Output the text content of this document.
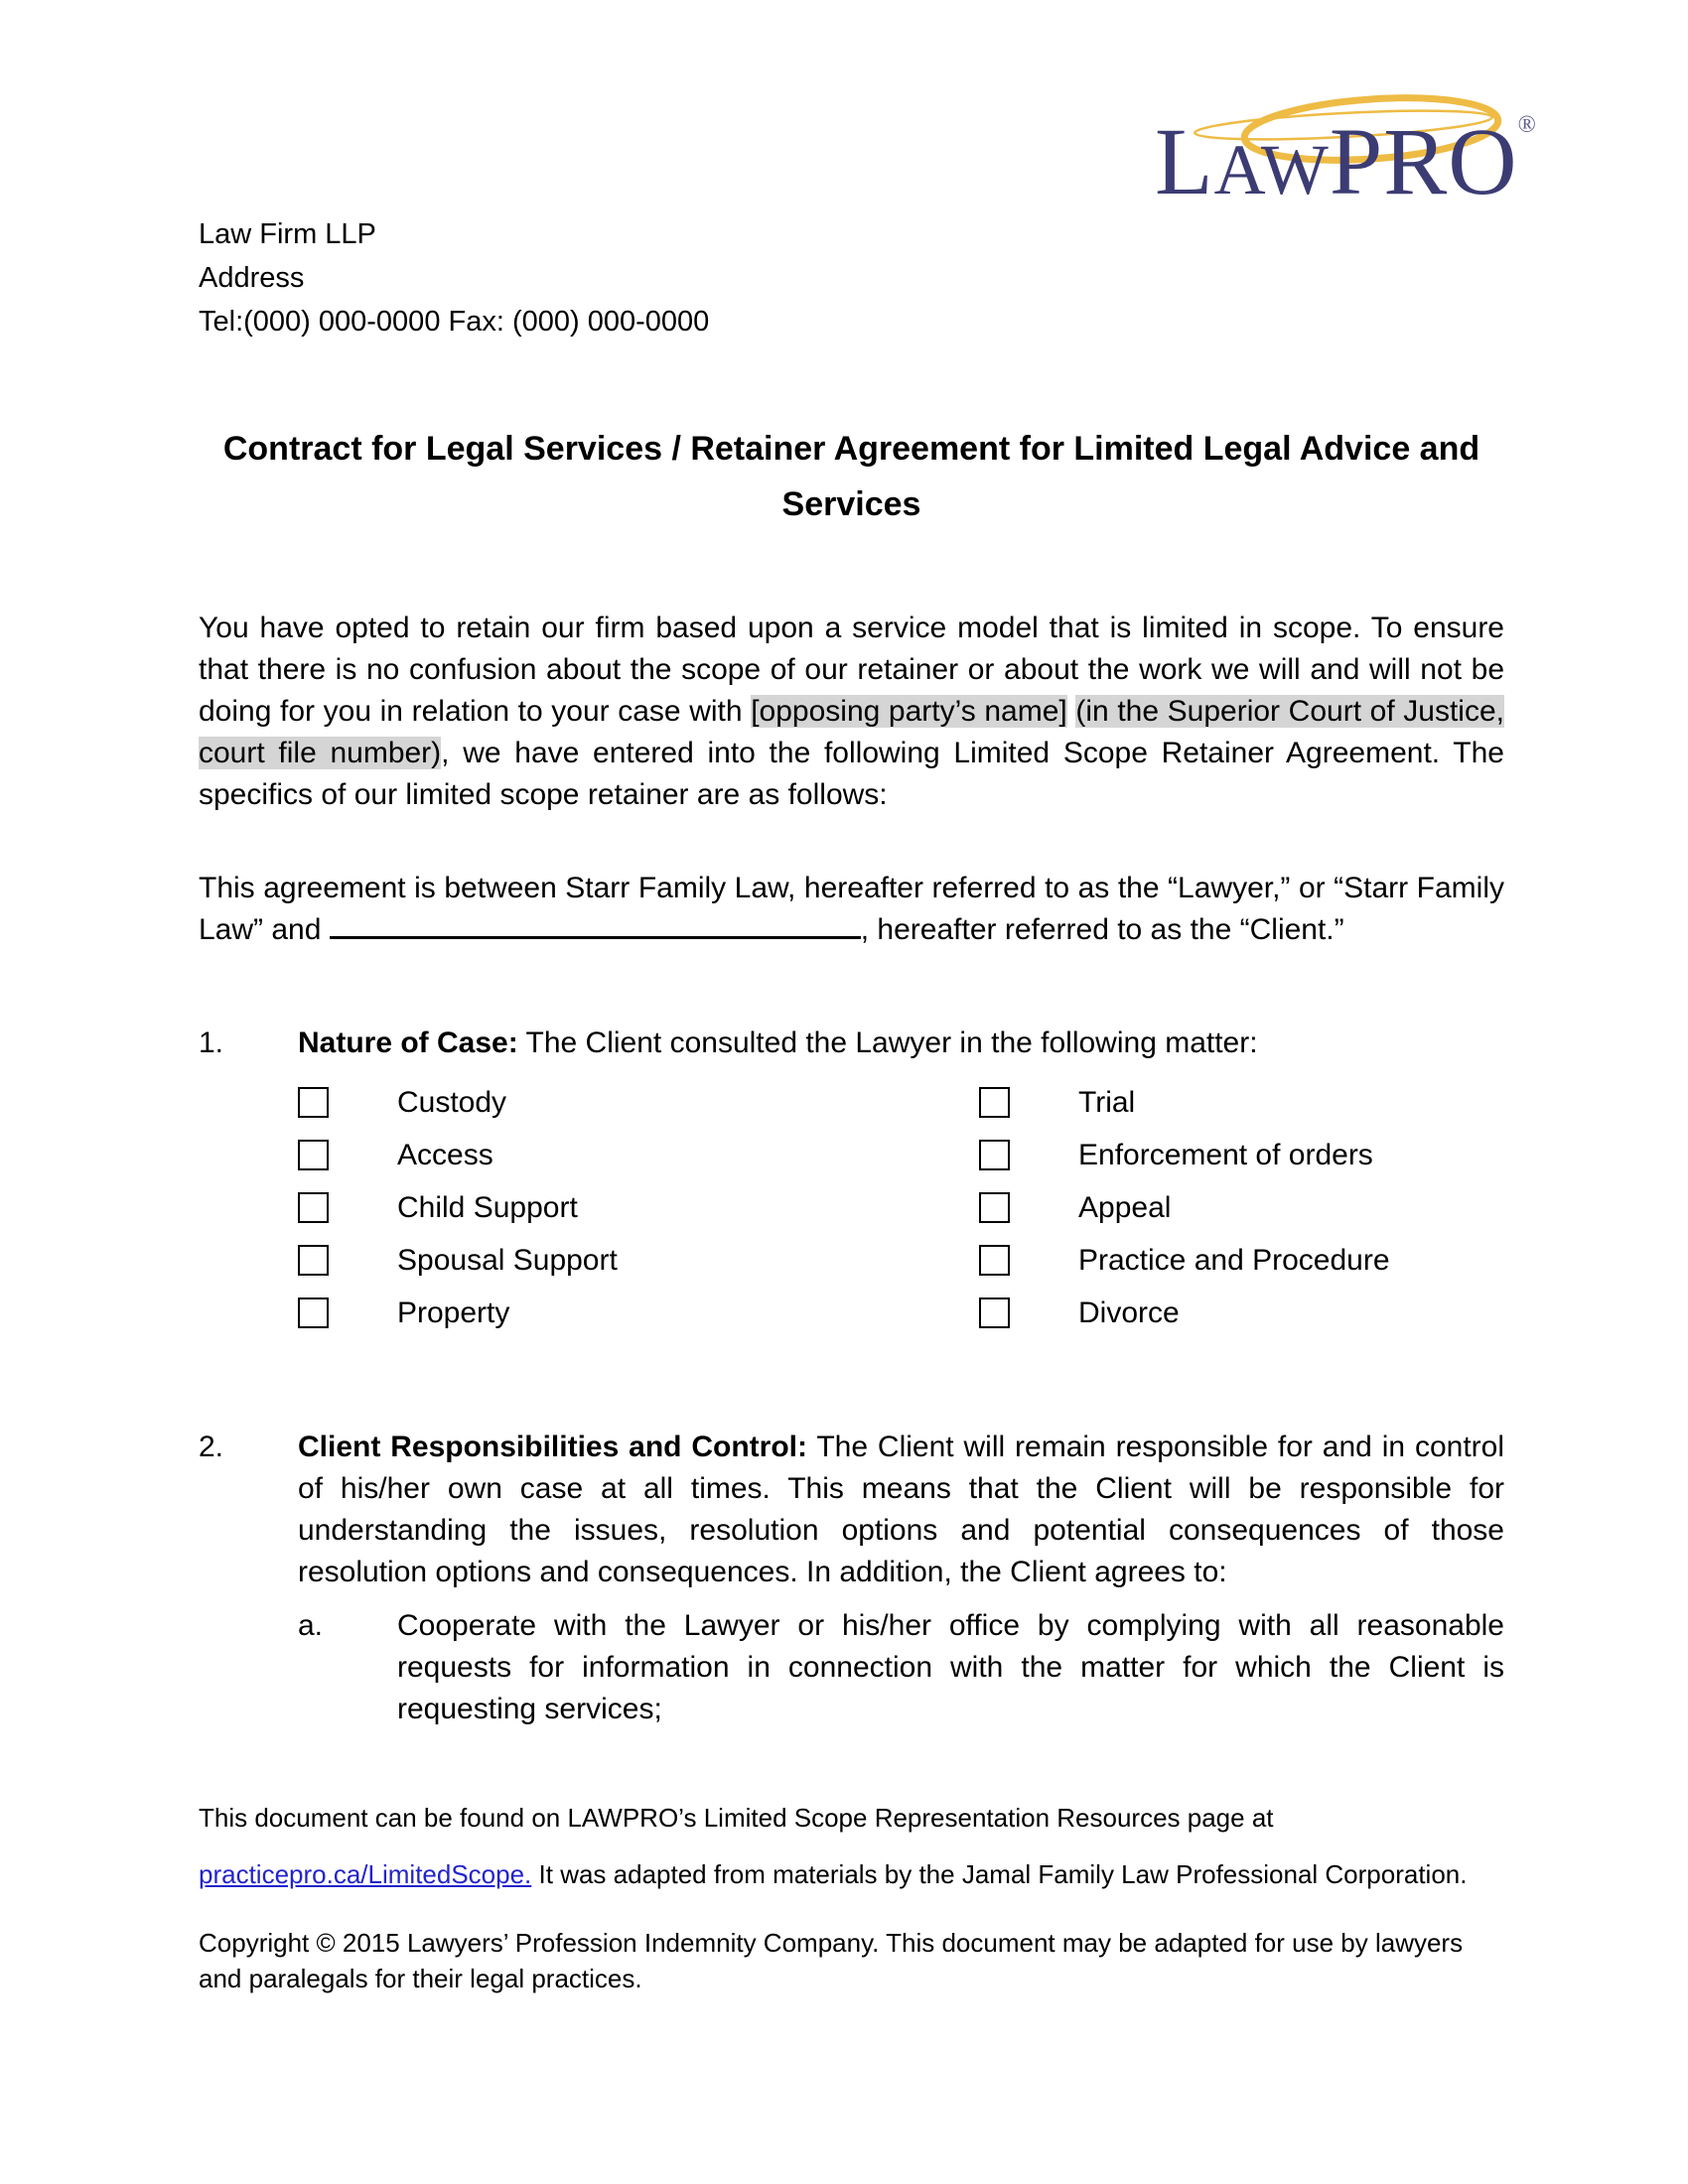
LAWPRO®
Law Firm LLP
Address
Tel:(000) 000-0000 Fax: (000) 000-0000
Contract for Legal Services / Retainer Agreement for Limited Legal Advice and Services

You have opted to retain our firm based upon a service model that is limited in scope. To ensure that there is no confusion about the scope of our retainer or about the work we will and will not be doing for you in relation to your case with [opposing party’s name] (in the Superior Court of Justice, court file number), we have entered into the following Limited Scope Retainer Agreement. The specifics of our limited scope retainer are as follows:

This agreement is between Starr Family Law, hereafter referred to as the “Lawyer,” or “Starr Family Law” and	, hereafter referred to as the “Client.”

1.	Nature of Case: The Client consulted the Lawyer in the following matter:

Custody
Access
Child Support
Spousal Support
Property
Trial
Enforcement of orders
Appeal
Practice and Procedure
Divorce
2.	Client Responsibilities and Control: The Client will remain responsible for and in control of his/her own case at all times. This means that the Client will be responsible for understanding the issues, resolution options and potential consequences of those resolution options and consequences. In addition, the Client agrees to:

a.	Cooperate with the Lawyer or his/her office by complying with all reasonable requests for information in connection with the matter for which the Client is requesting services;

This document can be found on LAWPRO’s Limited Scope Representation Resources page at practicepro.ca/LimitedScope. It was adapted from materials by the Jamal Family Law Professional Corporation.

Copyright © 2015 Lawyers’ Profession Indemnity Company. This document may be adapted for use by lawyers and paralegals for their legal practices.
